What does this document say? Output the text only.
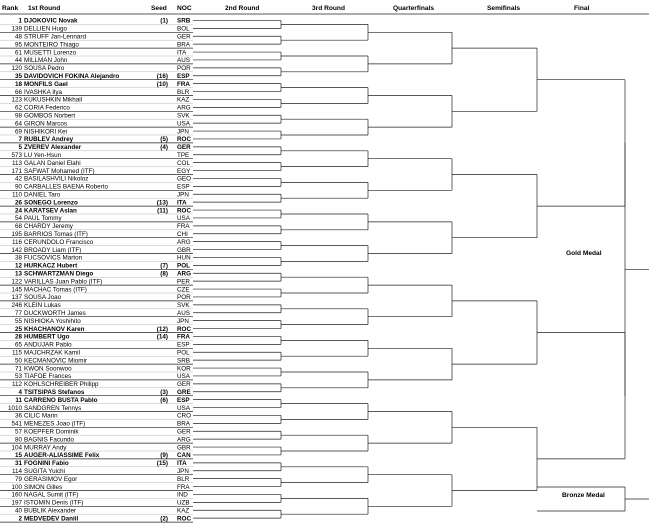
Rank 1st Round	Seed NOC	2nd Round	3rd Round	Quarterfinals	Semifinals	Final
1 DJOKOVIC Novak	(1) SRB
139 DELLIEN Hugo	BOL
48 STRUFF Jan-Lennard	GER
95 MONTEIRO Thiago	BRA
61 MUSETTI Lorenzo	ITA
44 MILLMAN John	AUS
120 SOUSA Pedro	POR
35 DAVIDOVICH FOKINA Alejandro	(16) ESP
18 MONFILS Gael	(10) FRA
66 IVASHKA Ilya	BLR
123 KUKUSHKIN Mikhail	KAZ
62 CORIA Federico	ARG
98 GOMBOS Norbert	SVK
64 GIRON Marcos	USA
69 NISHIKORI Kei	JPN
7 RUBLEV Andrey	(5) ROC
5 ZVEREV Alexander	(4) GER
573 LU Yen-Hsun	TPE
113 GALAN Daniel Elahi	COL
171 SAFWAT Mohamed (ITF)	EGY
42 BASILASHVILI Nikoloz	GEO
90 CARBALLES BAENA Roberto	ESP
110 DANIEL Taro	JPN
26 SONEGO Lorenzo	(13) ITA
24 KARATSEV Aslan	(11) ROC
54 PAUL Tommy	USA
68 CHARDY Jeremy	FRA
195 BARRIOS Tomas (ITF)	CHI
116 CERUNDOLO Francisco	ARG
142 BROADY Liam (ITF)	GBR
38 FUCSOVICS Marton	HUN
12 HURKACZ Hubert	(7) POL
13 SCHWARTZMAN Diego	(8) ARG
122 VARILLAS Juan Pablo (ITF)	PER
145 MACHAC Tomas (ITF)	CZE
137 SOUSA Joao	POR
246 KLEIN Lukas	SVK
77 DUCKWORTH James	AUS
55 NISHIOKA Yoshihito	JPN
25 KHACHANOV Karen	(12) ROC
28 HUMBERT Ugo	(14) FRA
65 ANDUJAR Pablo	ESP
115 MAJCHRZAK Kamil	POL
50 KECMANOVIC Miomir	SRB
71 KWON Soonwoo	KOR
53 TIAFOE Frances	USA
112 KOHLSCHREIBER Philipp	GER
4 TSITSIPAS Stefanos	(3) GRE
11 CARRENO BUSTA Pablo	(6) ESP
1010 SANDGREN Tennys	USA
36 CILIC Marin	CRO
541 MENEZES Joao (ITF)	BRA
57 KOEPFER Dominik	GER
80 BAGNIS Facundo	ARG
104 MURRAY Andy	GBR
15 AUGER-ALIASSIME Felix	(9) CAN
31 FOGNINI Fabio	(15) ITA
114 SUGITA Yuichi	JPN
79 GERASIMOV Egor	BLR
100 SIMON Gilles	FRA
160 NAGAL Sumit (ITF)	IND
197 ISTOMIN Denis (ITF)	UZB
40 BUBLIK Alexander	KAZ
2 MEDVEDEV Daniil	(2) ROC
Gold Medal
Bronze Medal
